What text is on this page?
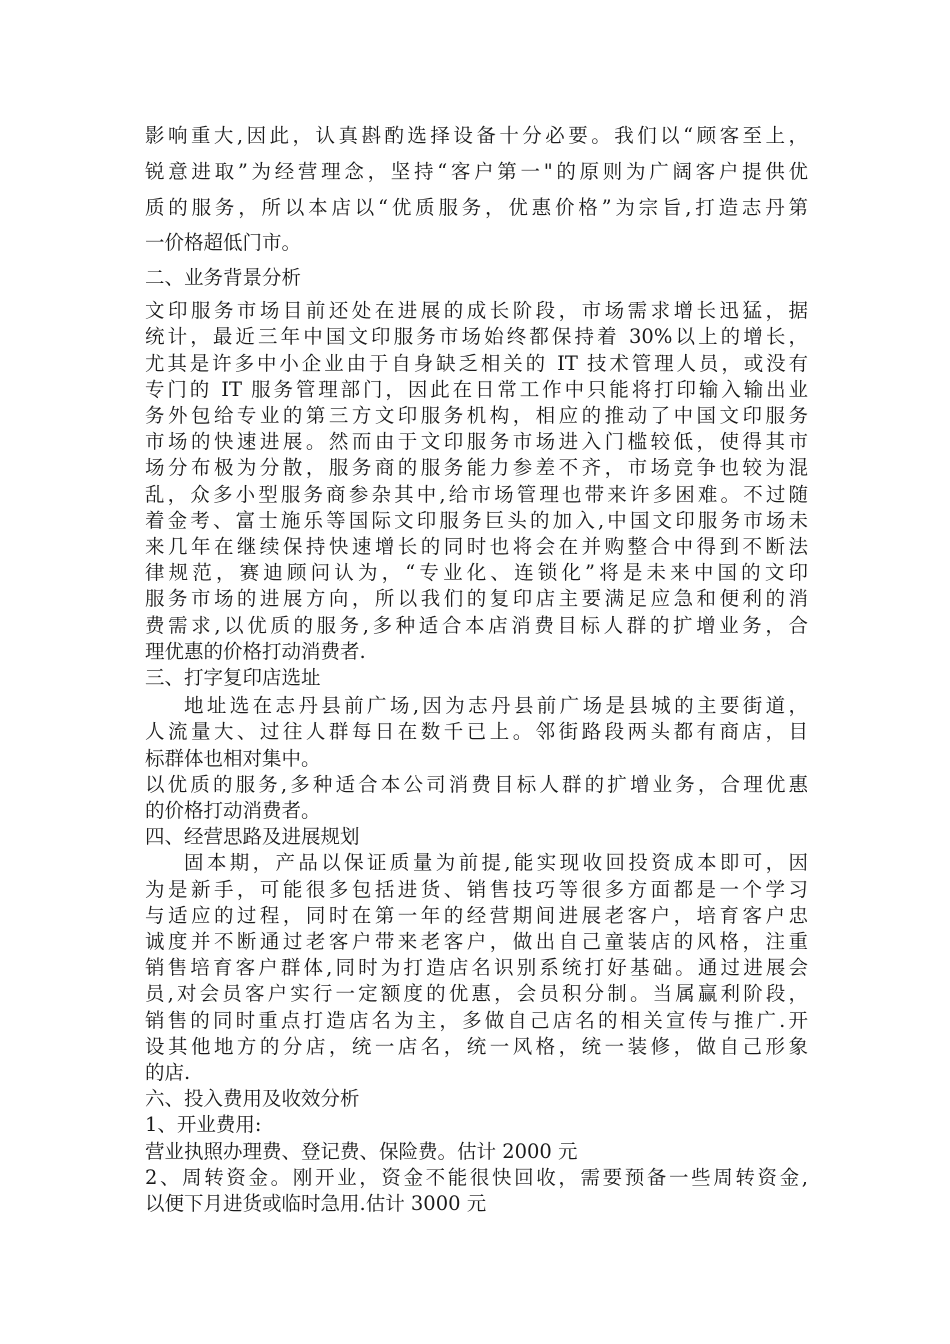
影响重大,因此，认真斟酌选择设备十分必要。我们以“顾客至上，

锐意进取”为经营理念，坚持“客户第一"的原则为广阔客户提供优

质的服务，所以本店以“优质服务，优惠价格”为宗旨,打造志丹第

一价格超低门市。

二、业务背景分析

文印服务市场目前还处在进展的成长阶段，市场需求增长迅猛，据

统计，最近三年中国文印服务市场始终都保持着 30%以上的增长，

尤其是许多中小企业由于自身缺乏相关的 IT 技术管理人员，或没有

专门的 IT 服务管理部门，因此在日常工作中只能将打印输入输出业

务外包给专业的第三方文印服务机构，相应的推动了中国文印服务

市场的快速进展。然而由于文印服务市场进入门槛较低，使得其市

场分布极为分散，服务商的服务能力参差不齐，市场竞争也较为混

乱，众多小型服务商参杂其中,给市场管理也带来许多困难。不过随

着金考、富士施乐等国际文印服务巨头的加入,中国文印服务市场未

来几年在继续保持快速增长的同时也将会在并购整合中得到不断法

律规范，赛迪顾问认为，“专业化、连锁化”将是未来中国的文印

服务市场的进展方向，所以我们的复印店主要满足应急和便利的消

费需求,以优质的服务,多种适合本店消费目标人群的扩增业务，合

理优惠的价格打动消费者.

三、打字复印店选址

地址选在志丹县前广场,因为志丹县前广场是县城的主要街道，

人流量大、过往人群每日在数千已上。邻街路段两头都有商店，目

标群体也相对集中。

以优质的服务,多种适合本公司消费目标人群的扩增业务，合理优惠

的价格打动消费者。

四、经营思路及进展规划

固本期，产品以保证质量为前提,能实现收回投资成本即可，因

为是新手，可能很多包括进货、销售技巧等很多方面都是一个学习

与适应的过程，同时在第一年的经营期间进展老客户，培育客户忠

诚度并不断通过老客户带来老客户，做出自己童装店的风格，注重

销售培育客户群体,同时为打造店名识别系统打好基础。通过进展会

员,对会员客户实行一定额度的优惠，会员积分制。当属赢利阶段，

销售的同时重点打造店名为主，多做自己店名的相关宣传与推广.开

设其他地方的分店，统一店名，统一风格，统一装修，做自己形象

的店.

六、投入费用及收效分析

1、开业费用:

营业执照办理费、登记费、保险费。估计 2000 元

2、周转资金。刚开业，资金不能很快回收，需要预备一些周转资金,

以便下月进货或临时急用.估计 3000 元
